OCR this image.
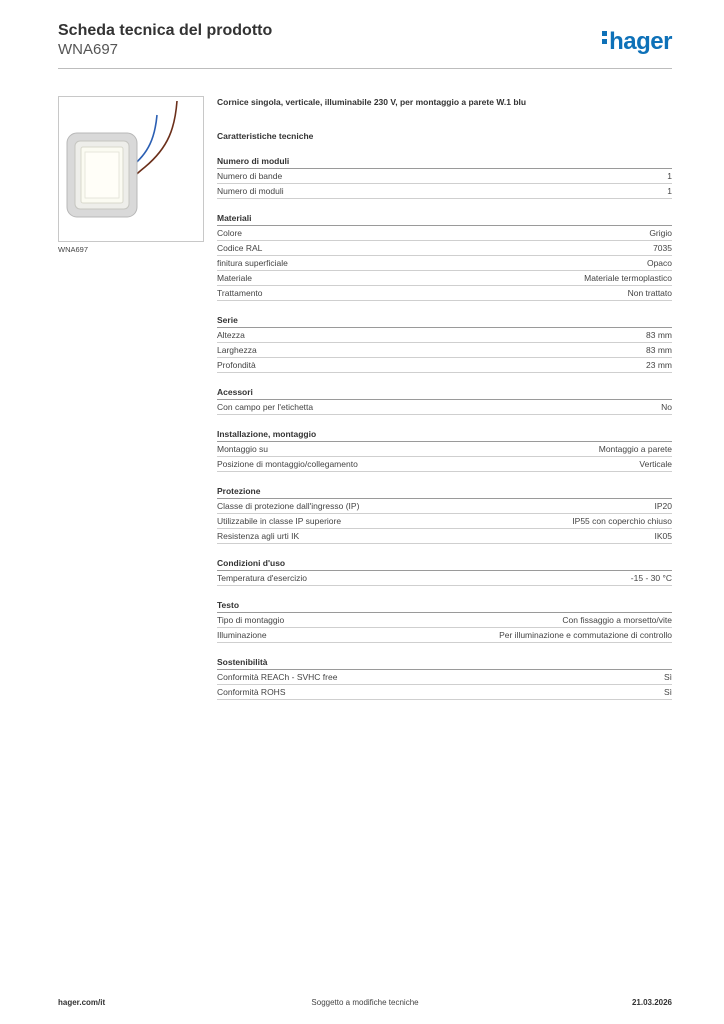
Scheda tecnica del prodotto
WNA697	hager
WNA697
Cornice singola, verticale, illuminabile 230 V, per montaggio a parete W.1 blu
Caratteristiche tecniche
Numero di moduli
Numero di bande	1
Numero di moduli	1
Materiali
Colore	Grigio
Codice RAL	7035
finitura superficiale	Opaco
Materiale	Materiale termoplastico
Trattamento	Non trattato
Serie
Altezza	83 mm
Larghezza	83 mm
Profondità	23 mm
Acessori
Con campo per l'etichetta	No
Installazione, montaggio
Montaggio su	Montaggio a parete
Posizione di montaggio/collegamento	Verticale
Protezione
Classe di protezione dall'ingresso (IP)	IP20
Utilizzabile in classe IP superiore	IP55 con coperchio chiuso
Resistenza agli urti IK	IK05
Condizioni d'uso
Temperatura d'esercizio	-15 - 30 °C
Testo
Tipo di montaggio	Con fissaggio a morsetto/vite
Illuminazione	Per illuminazione e commutazione di controllo
Sostenibilità
Conformità REACh - SVHC free	Sì
Conformità ROHS	Sì
hager.com/it	Soggetto a modifiche tecniche	21.03.2026
